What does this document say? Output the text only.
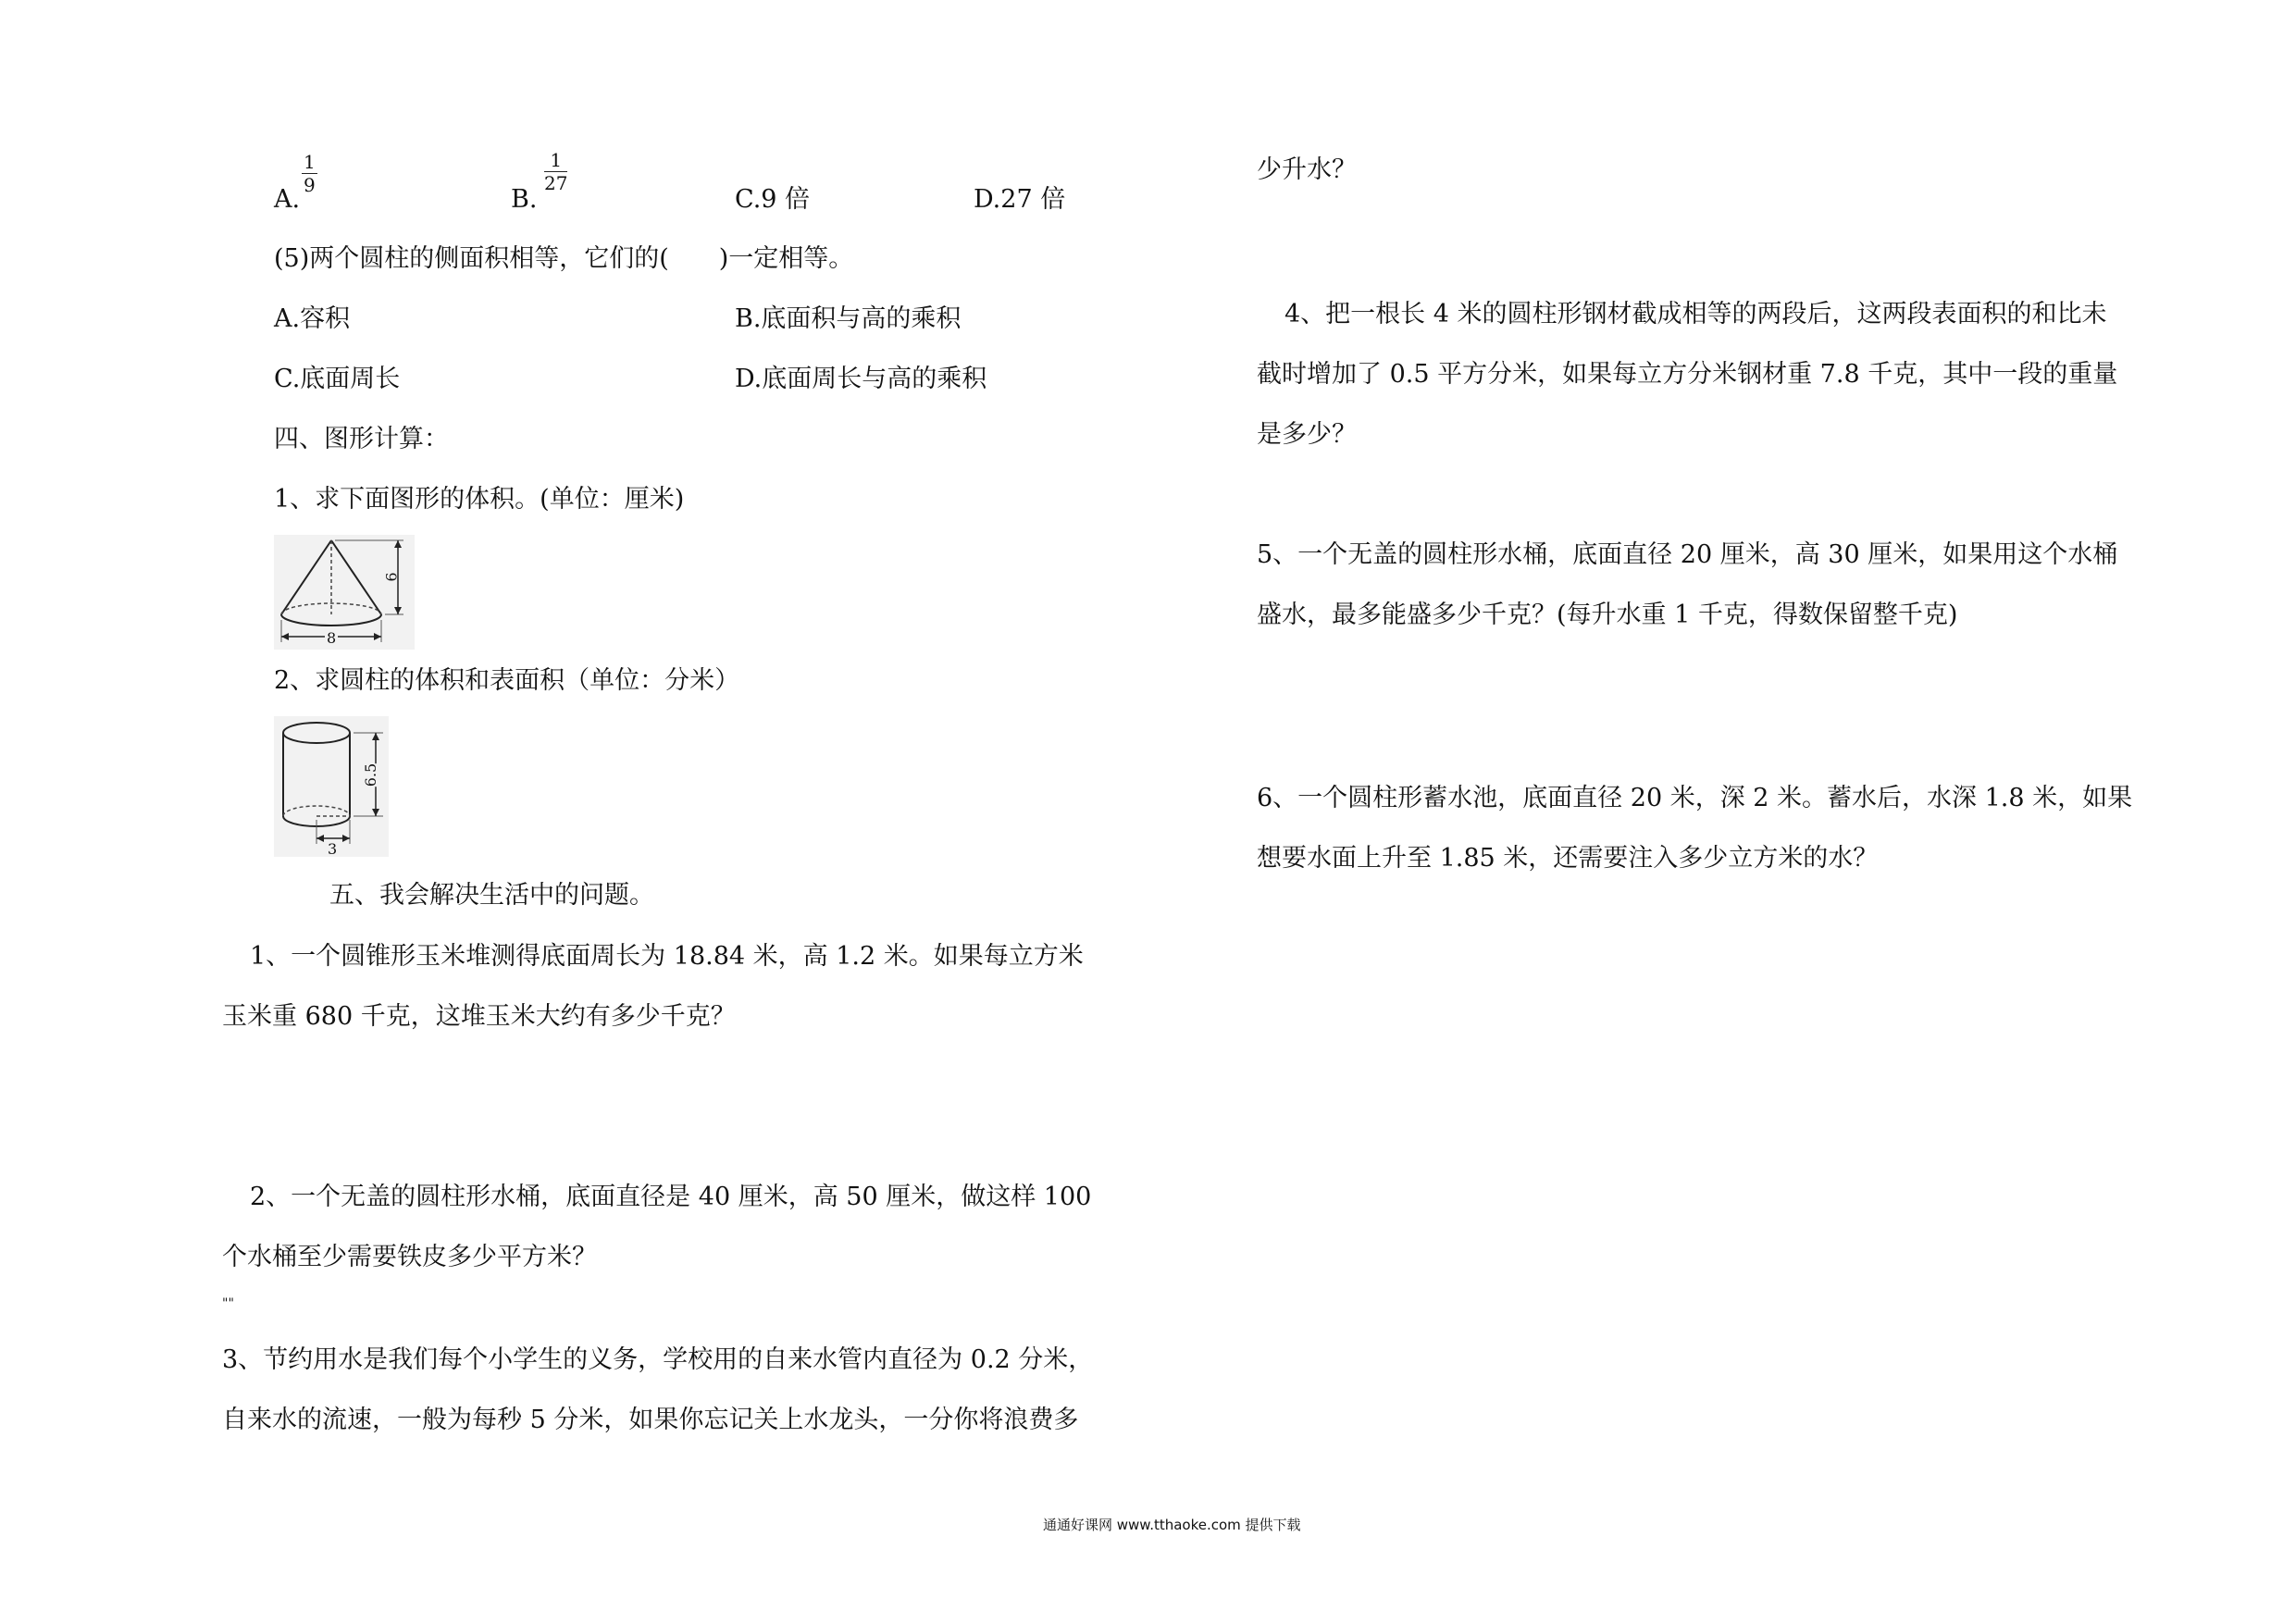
A.
1
9	B.
1
27
C.9 倍	D.27 倍
(5)两个圆柱的侧面积相等，它们的(　　)一定相等。
A.容积	B.底面积与高的乘积
C.底面周长	D.底面周长与高的乘积
四、图形计算：
1、求下面图形的体积。(单位：厘米)
6
8
2、求圆柱的体积和表面积（单位：分米）
6.5
3
五、我会解决生活中的问题。
1、一个圆锥形玉米堆测得底面周长为 18.84 米，高 1.2 米。如果每立方米
玉米重 680 千克，这堆玉米大约有多少千克？
2、一个无盖的圆柱形水桶，底面直径是 40 厘米，高 50 厘米，做这样 100
个水桶至少需要铁皮多少平方米？
""
3、节约用水是我们每个小学生的义务，学校用的自来水管内直径为 0.2 分米，
自来水的流速，一般为每秒 5 分米，如果你忘记关上水龙头，一分你将浪费多
少升水？
4、把一根长 4 米的圆柱形钢材截成相等的两段后，这两段表面积的和比未
截时增加了 0.5 平方分米，如果每立方分米钢材重 7.8 千克，其中一段的重量
是多少？
5、一个无盖的圆柱形水桶，底面直径 20 厘米，高 30 厘米，如果用这个水桶
盛水，最多能盛多少千克？(每升水重 1 千克，得数保留整千克)
6、一个圆柱形蓄水池，底面直径 20 米，深 2 米。蓄水后，水深 1.8 米，如果
想要水面上升至 1.85 米，还需要注入多少立方米的水？
通通好课网 www.tthaoke.com 提供下载
